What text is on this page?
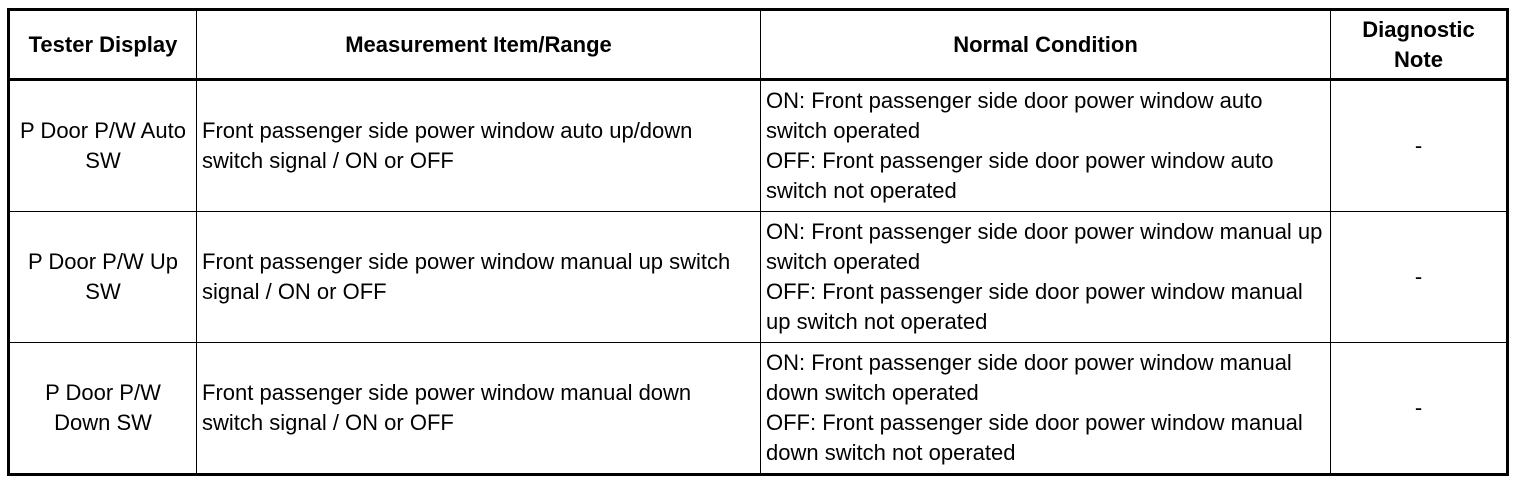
Tester Display	Measurement Item/Range	Normal Condition	Diagnostic Note
P Door P/W Auto SW	Front passenger side power window auto up/down switch signal / ON or OFF	ON: Front passenger side door power window auto switch operated
OFF: Front passenger side door power window auto switch not operated	-
P Door P/W Up SW	Front passenger side power window manual up switch signal / ON or OFF	ON: Front passenger side door power window manual up switch operated
OFF: Front passenger side door power window manual up switch not operated	-
P Door P/W Down SW	Front passenger side power window manual down switch signal / ON or OFF	ON: Front passenger side door power window manual down switch operated
OFF: Front passenger side door power window manual down switch not operated	-
